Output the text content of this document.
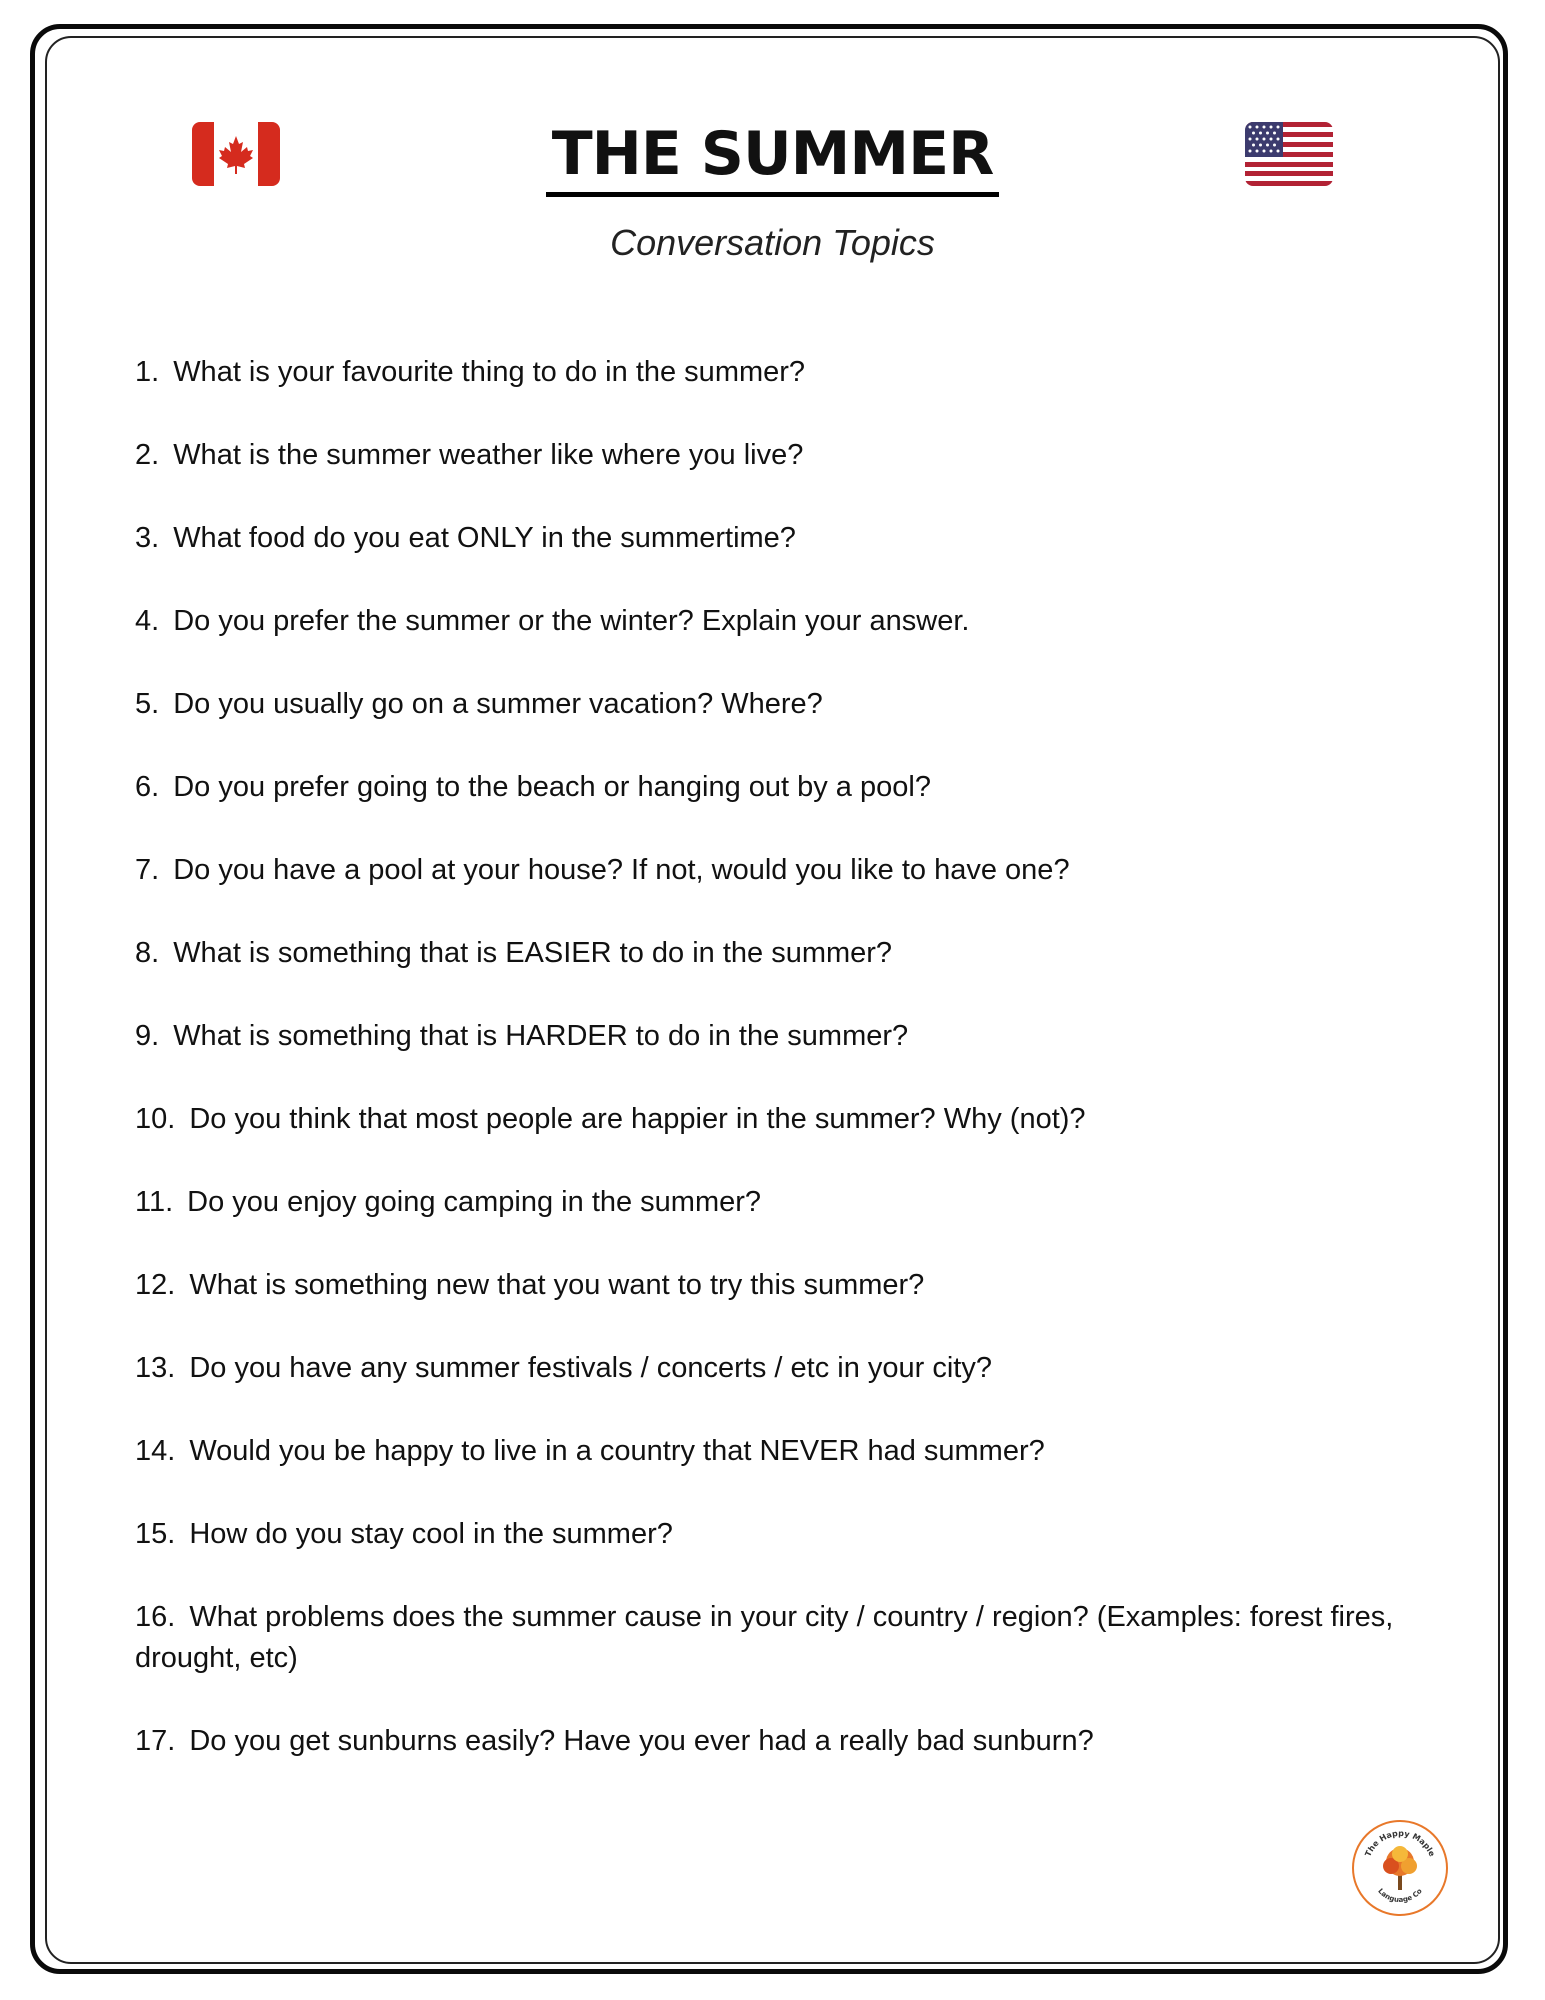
THE SUMMER
Conversation Topics
1. What is your favourite thing to do in the summer?
2. What is the summer weather like where you live?
3. What food do you eat ONLY in the summertime?
4. Do you prefer the summer or the winter? Explain your answer.
5. Do you usually go on a summer vacation? Where?
6. Do you prefer going to the beach or hanging out by a pool?
7. Do you have a pool at your house? If not, would you like to have one?
8. What is something that is EASIER to do in the summer?
9. What is something that is HARDER to do in the summer?
10. Do you think that most people are happier in the summer? Why (not)?
11. Do you enjoy going camping in the summer?
12. What is something new that you want to try this summer?
13. Do you have any summer festivals / concerts / etc in your city?
14. Would you be happy to live in a country that NEVER had summer?
15. How do you stay cool in the summer?
16. What problems does the summer cause in your city / country / region? (Examples: forest fires, drought, etc)
17. Do you get sunburns easily? Have you ever had a really bad sunburn?
The Happy Maple
Language Co
